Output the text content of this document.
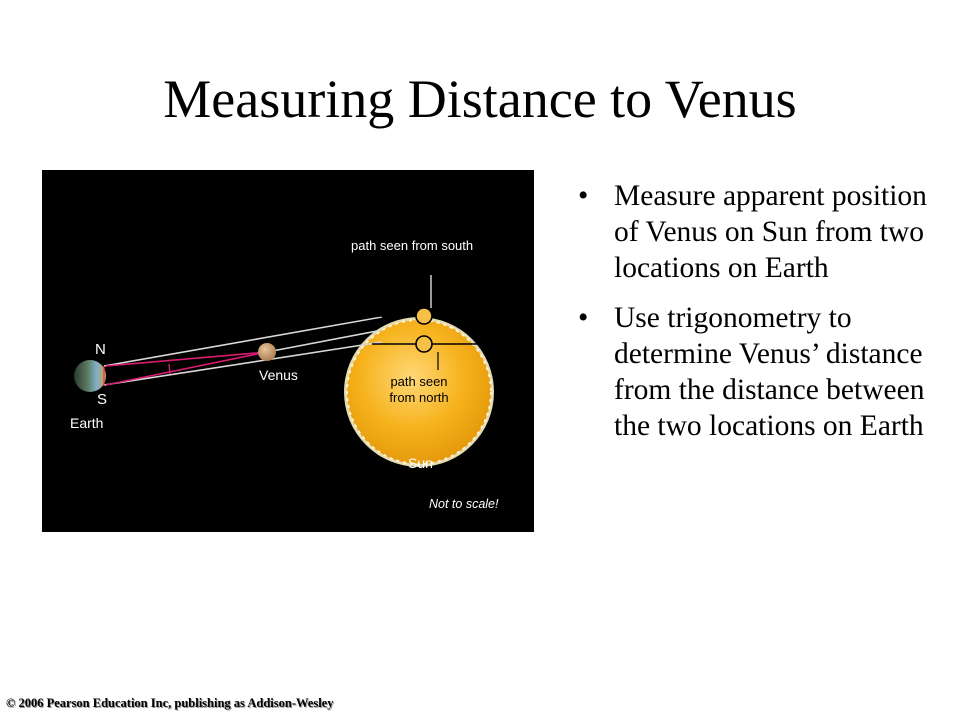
Measuring Distance to Venus
N
S
Earth
Venus
path seen from south
Sun
Not to scale!
path seen
from north
• Measure apparent position of Venus on Sun from two locations on Earth
• Use trigonometry to determine Venus’ distance from the distance between the two locations on Earth
© 2006 Pearson Education Inc, publishing as Addison-Wesley
